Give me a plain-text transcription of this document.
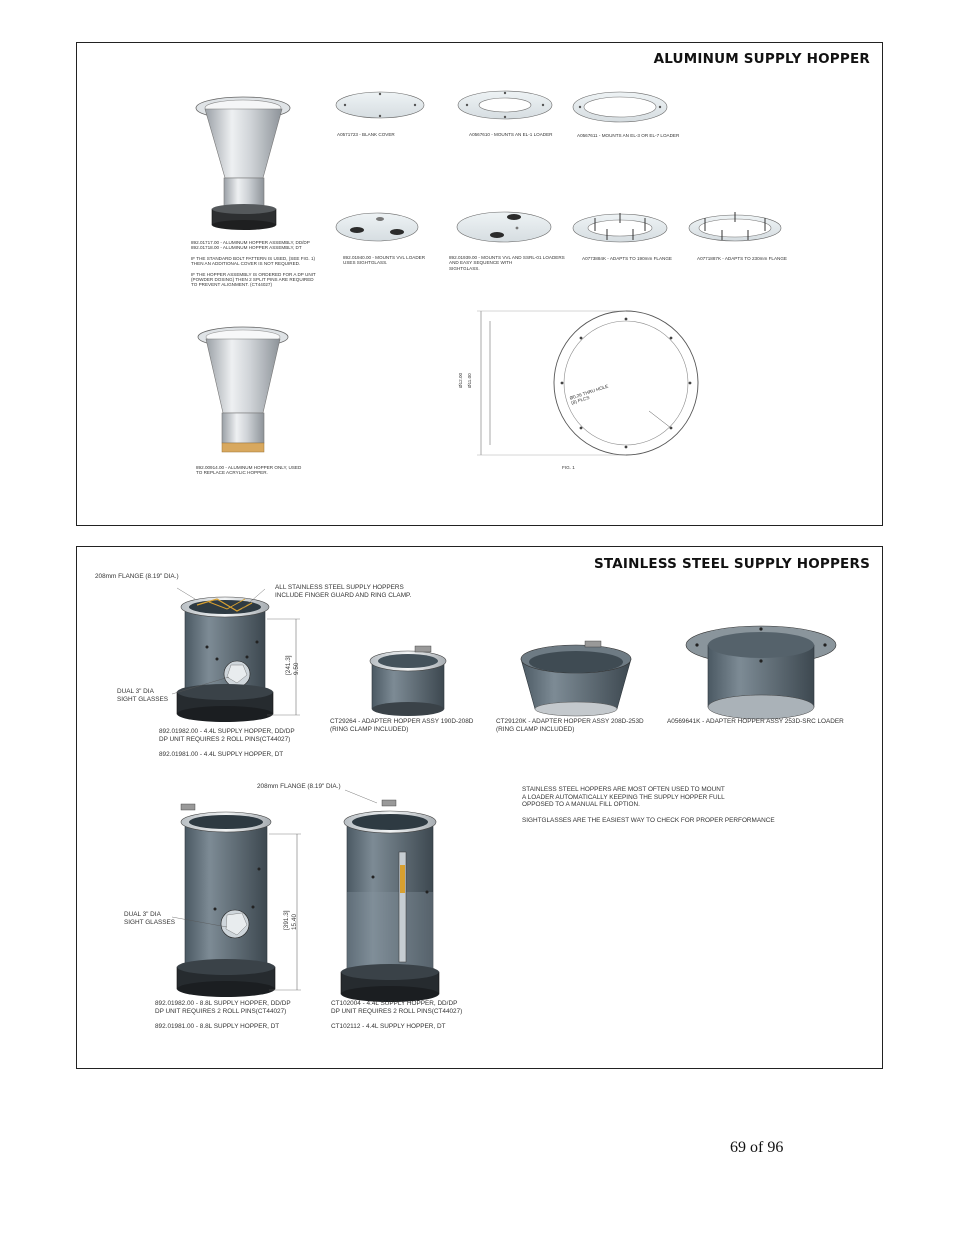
ALUMINUM SUPPLY HOPPER
A0571723 - BLANK COVER	A0567610 - MOUNTS AN EL-1 LOADER	A0567611 - MOUNTS AN EL-3 OR EL-7 LOADER
892.01940.00 - MOUNTS VVL LOADER
USES SIGHTGLASS.
892.01939.00 - MOUNTS VVL AND SSRL-01 LOADERS
AND EASY SEQUENCE WITH
SIGHTGLASS.
A0773884K - ADAPTS TO 190mm FLANGE	A0771887K - ADAPTS TO 230mm FLANGE
892.01717.00 - ALUMINUM HOPPER ASSEMBLY, DD/DP
892.01718.00 - ALUMINUM HOPPER ASSEMBLY, DT

IF THE STANDARD BOLT PATTERN IS USED, (SEE FIG. 1)
THEN AN ADDITIONAL COVER IS NOT REQUIRED.

IF THE HOPPER ASSEMBLY IS ORDERED FOR A DP UNIT
(POWDER DOSING) THEN 2 SPLIT PINS ARE REQUIRED
TO PREVENT ALIGNMENT. (CT44027)
892.00914.00 - ALUMINUM HOPPER ONLY, USED
TO REPLACE ACRYLIC HOPPER.
Ø12.00 Ø11.00
Ø0.26 THRU HOLE
(8) PLCS
FIG. 1
STAINLESS STEEL SUPPLY HOPPERS
208mm FLANGE (8.19" DIA.)
ALL STAINLESS STEEL SUPPLY HOPPERS
INCLUDE FINGER GUARD AND RING CLAMP.
DUAL 3" DIA
SIGHT GLASSES
[241.3]
9.50
892.01982.00 - 4.4L SUPPLY HOPPER, DD/DP
DP UNIT REQUIRES 2 ROLL PINS(CT44027)

892.01981.00 - 4.4L SUPPLY HOPPER, DT
CT29264 - ADAPTER HOPPER ASSY 190D-208D
(RING CLAMP INCLUDED)
CT29120K - ADAPTER HOPPER ASSY 208D-253D
(RING CLAMP INCLUDED)
A0569641K - ADAPTER HOPPER ASSY 253D-SRC LOADER
208mm FLANGE (8.19" DIA.)
DUAL 3" DIA
SIGHT GLASSES	[391.3]
15.40
892.01982.00 - 8.8L SUPPLY HOPPER, DD/DP
DP UNIT REQUIRES 2 ROLL PINS(CT44027)

892.01981.00 - 8.8L SUPPLY HOPPER, DT
CT102004 - 4.4L SUPPLY HOPPER, DD/DP
DP UNIT REQUIRES 2 ROLL PINS(CT44027)

CT102112 - 4.4L SUPPLY HOPPER, DT
STAINLESS STEEL HOPPERS ARE MOST OFTEN USED TO MOUNT
A LOADER AUTOMATICALLY KEEPING THE SUPPLY HOPPER FULL
OPPOSED TO A MANUAL FILL OPTION.

SIGHTGLASSES ARE THE EASIEST WAY TO CHECK FOR PROPER PERFORMANCE
69 of 96
